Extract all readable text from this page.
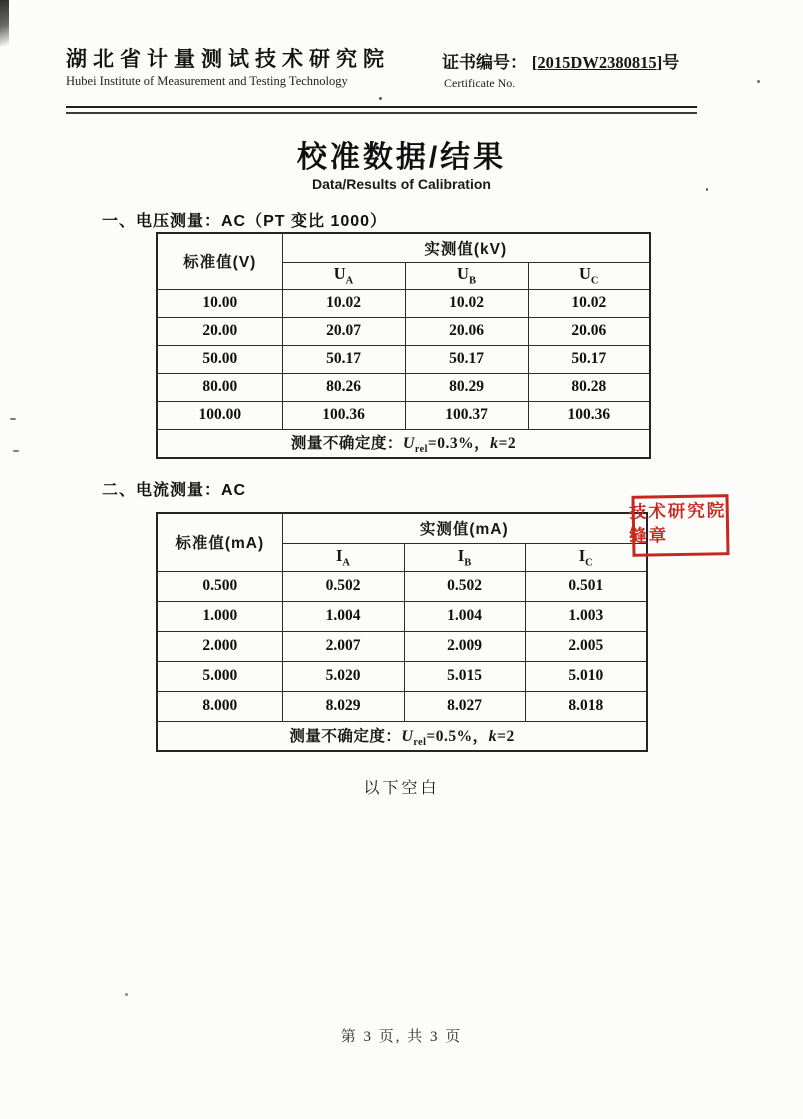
湖北省计量测试技术研究院
Hubei Institute of Measurement and Testing Technology
证书编号： [2015DW2380815]号
Certificate No.
校准数据/结果
Data/Results of Calibration
一、电压测量：AC（PT 变比 1000）
标准值(V)	实测值(kV)		
	$U_A$	$U_B$	$U_C$
10.00	10.02	10.02	10.02
20.00	20.07	20.06	20.06
50.00	50.17	50.17	50.17
80.00	80.26	80.29	80.28
100.00	100.36	100.37	100.36
测量不确定度：$U_{rel}=0.3\%$，k=2			
二、电流测量：AC
标准值(mA)	实测值(mA)		
	$I_A$	$I_B$	$I_C$
0.500	0.502	0.502	0.501
1.000	1.004	1.004	1.003
2.000	2.007	2.009	2.005
5.000	5.020	5.015	5.010
8.000	8.029	8.027	8.018
测量不确定度：$U_{rel}=0.5\%$，k=2			
技术研究院
缝章
以下空白
第 3 页, 共 3 页
